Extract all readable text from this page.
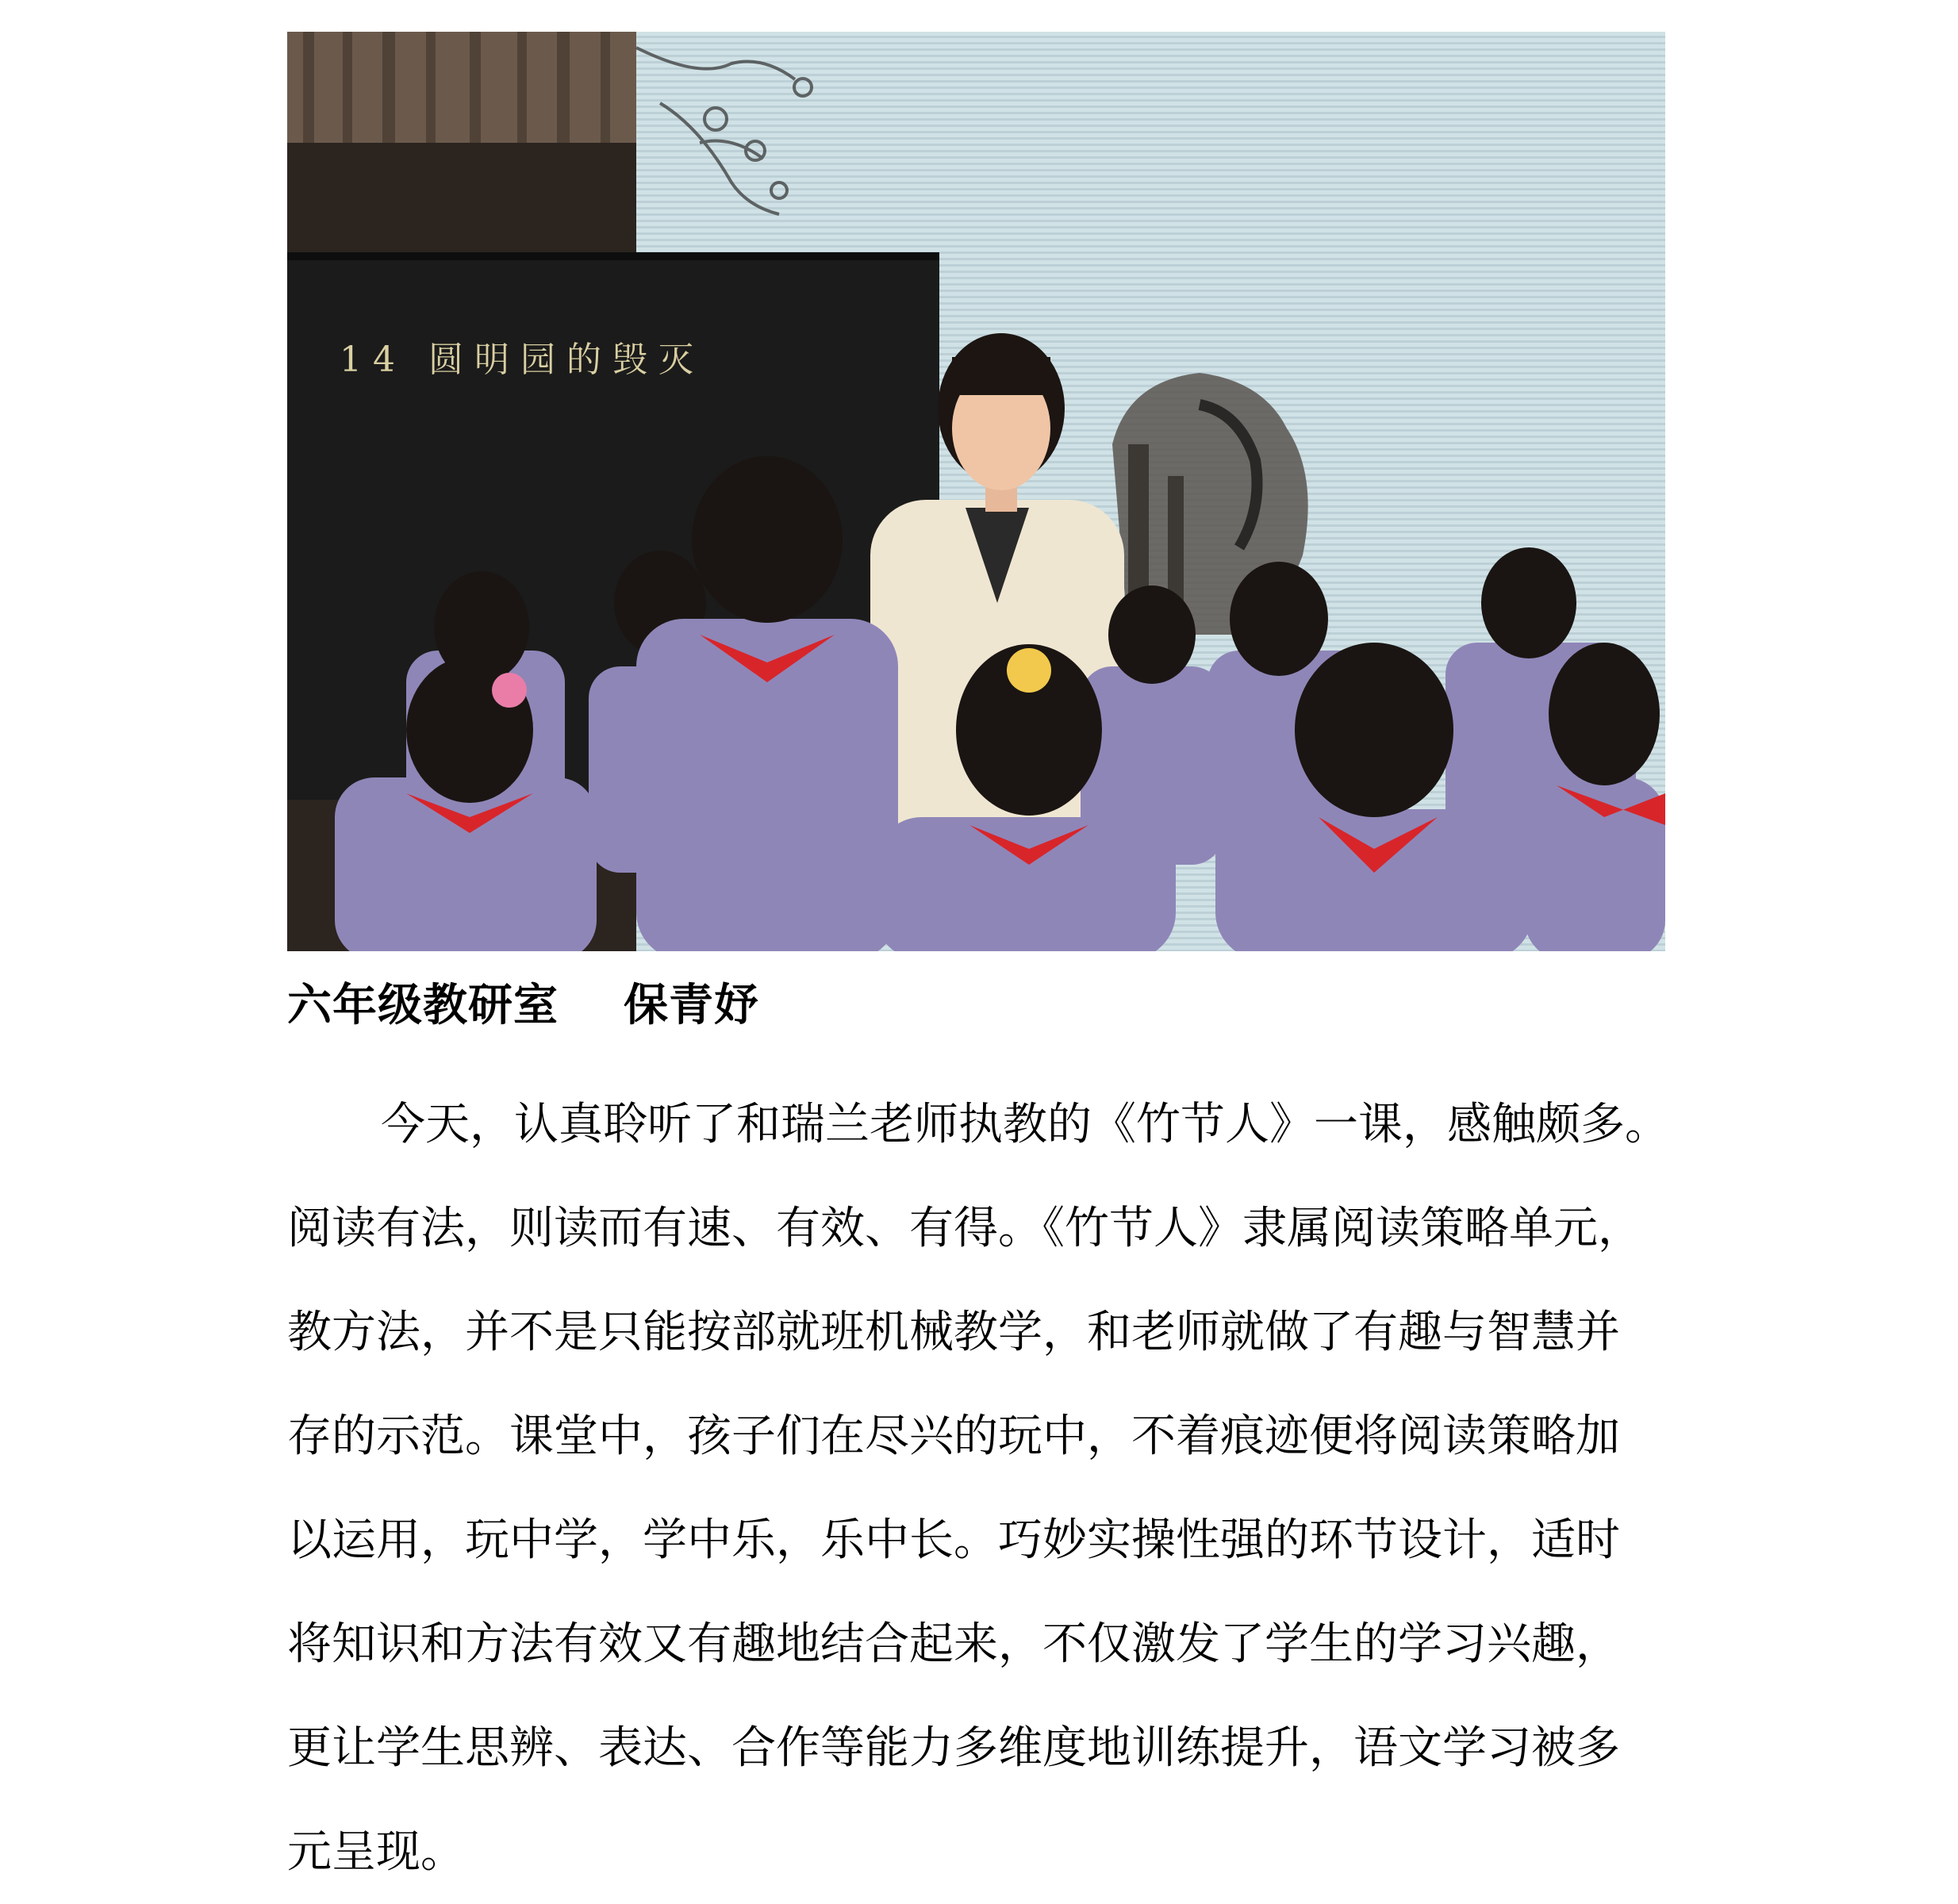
14 圆明园的毁灭
六年级教研室    保青妤
今天，认真聆听了和瑞兰老师执教的《竹节人》一课，感触颇多。
阅读有法，则读而有速、有效、有得。《竹节人》隶属阅读策略单元，
教方法，并不是只能按部就班机械教学，和老师就做了有趣与智慧并
存的示范。课堂中，孩子们在尽兴的玩中，不着痕迹便将阅读策略加
以运用，玩中学，学中乐，乐中长。巧妙实操性强的环节设计，适时
将知识和方法有效又有趣地结合起来，不仅激发了学生的学习兴趣，
更让学生思辨、表达、合作等能力多维度地训练提升，语文学习被多
元呈现。
